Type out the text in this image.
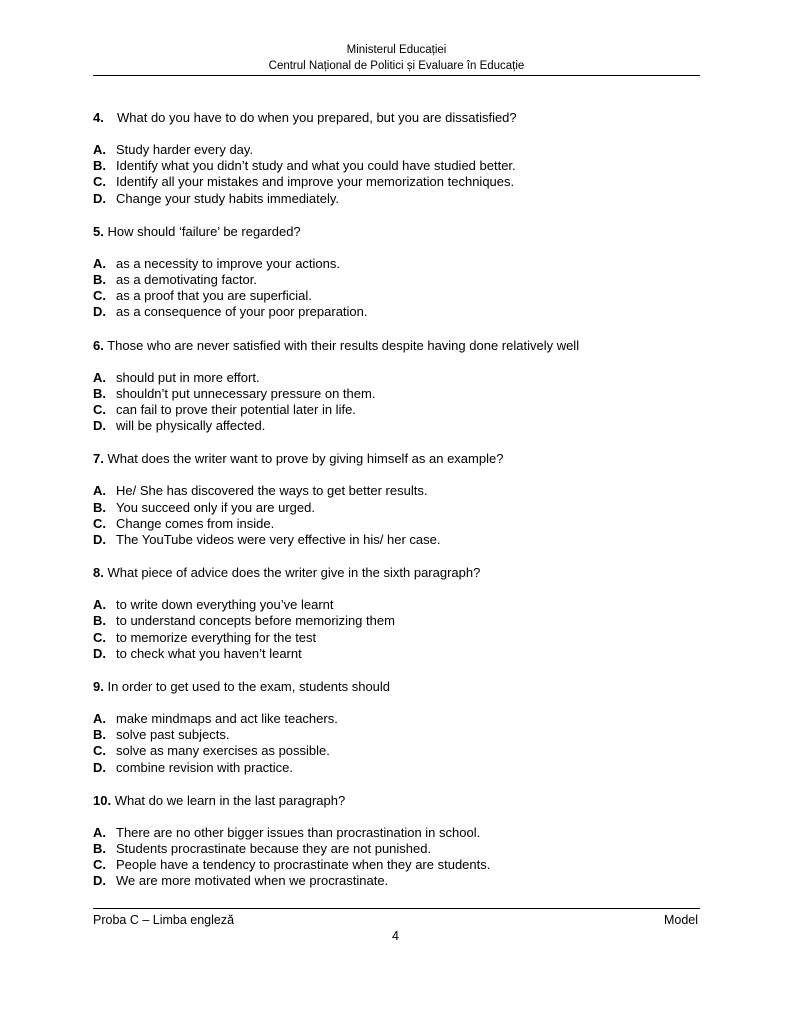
Ministerul Educației
Centrul Național de Politici și Evaluare în Educație
4. What do you have to do when you prepared, but you are dissatisfied?
A. Study harder every day.
B. Identify what you didn’t study and what you could have studied better.
C. Identify all your mistakes and improve your memorization techniques.
D. Change your study habits immediately.
5. How should ‘failure’ be regarded?
A. as a necessity to improve your actions.
B. as a demotivating factor.
C. as a proof that you are superficial.
D. as a consequence of your poor preparation.
6. Those who are never satisfied with their results despite having done relatively well
A. should put in more effort.
B. shouldn’t put unnecessary pressure on them.
C. can fail to prove their potential later in life.
D. will be physically affected.
7. What does the writer want to prove by giving himself as an example?
A. He/ She has discovered the ways to get better results.
B. You succeed only if you are urged.
C. Change comes from inside.
D. The YouTube videos were very effective in his/ her case.
8. What piece of advice does the writer give in the sixth paragraph?
A. to write down everything you’ve learnt
B. to understand concepts before memorizing them
C. to memorize everything for the test
D. to check what you haven’t learnt
9. In order to get used to the exam, students should
A. make mindmaps and act like teachers.
B. solve past subjects.
C. solve as many exercises as possible.
D. combine revision with practice.
10. What do we learn in the last paragraph?
A. There are no other bigger issues than procrastination in school.
B. Students procrastinate because they are not punished.
C. People have a tendency to procrastinate when they are students.
D. We are more motivated when we procrastinate.
Proba C – Limba engleză	Model
4
